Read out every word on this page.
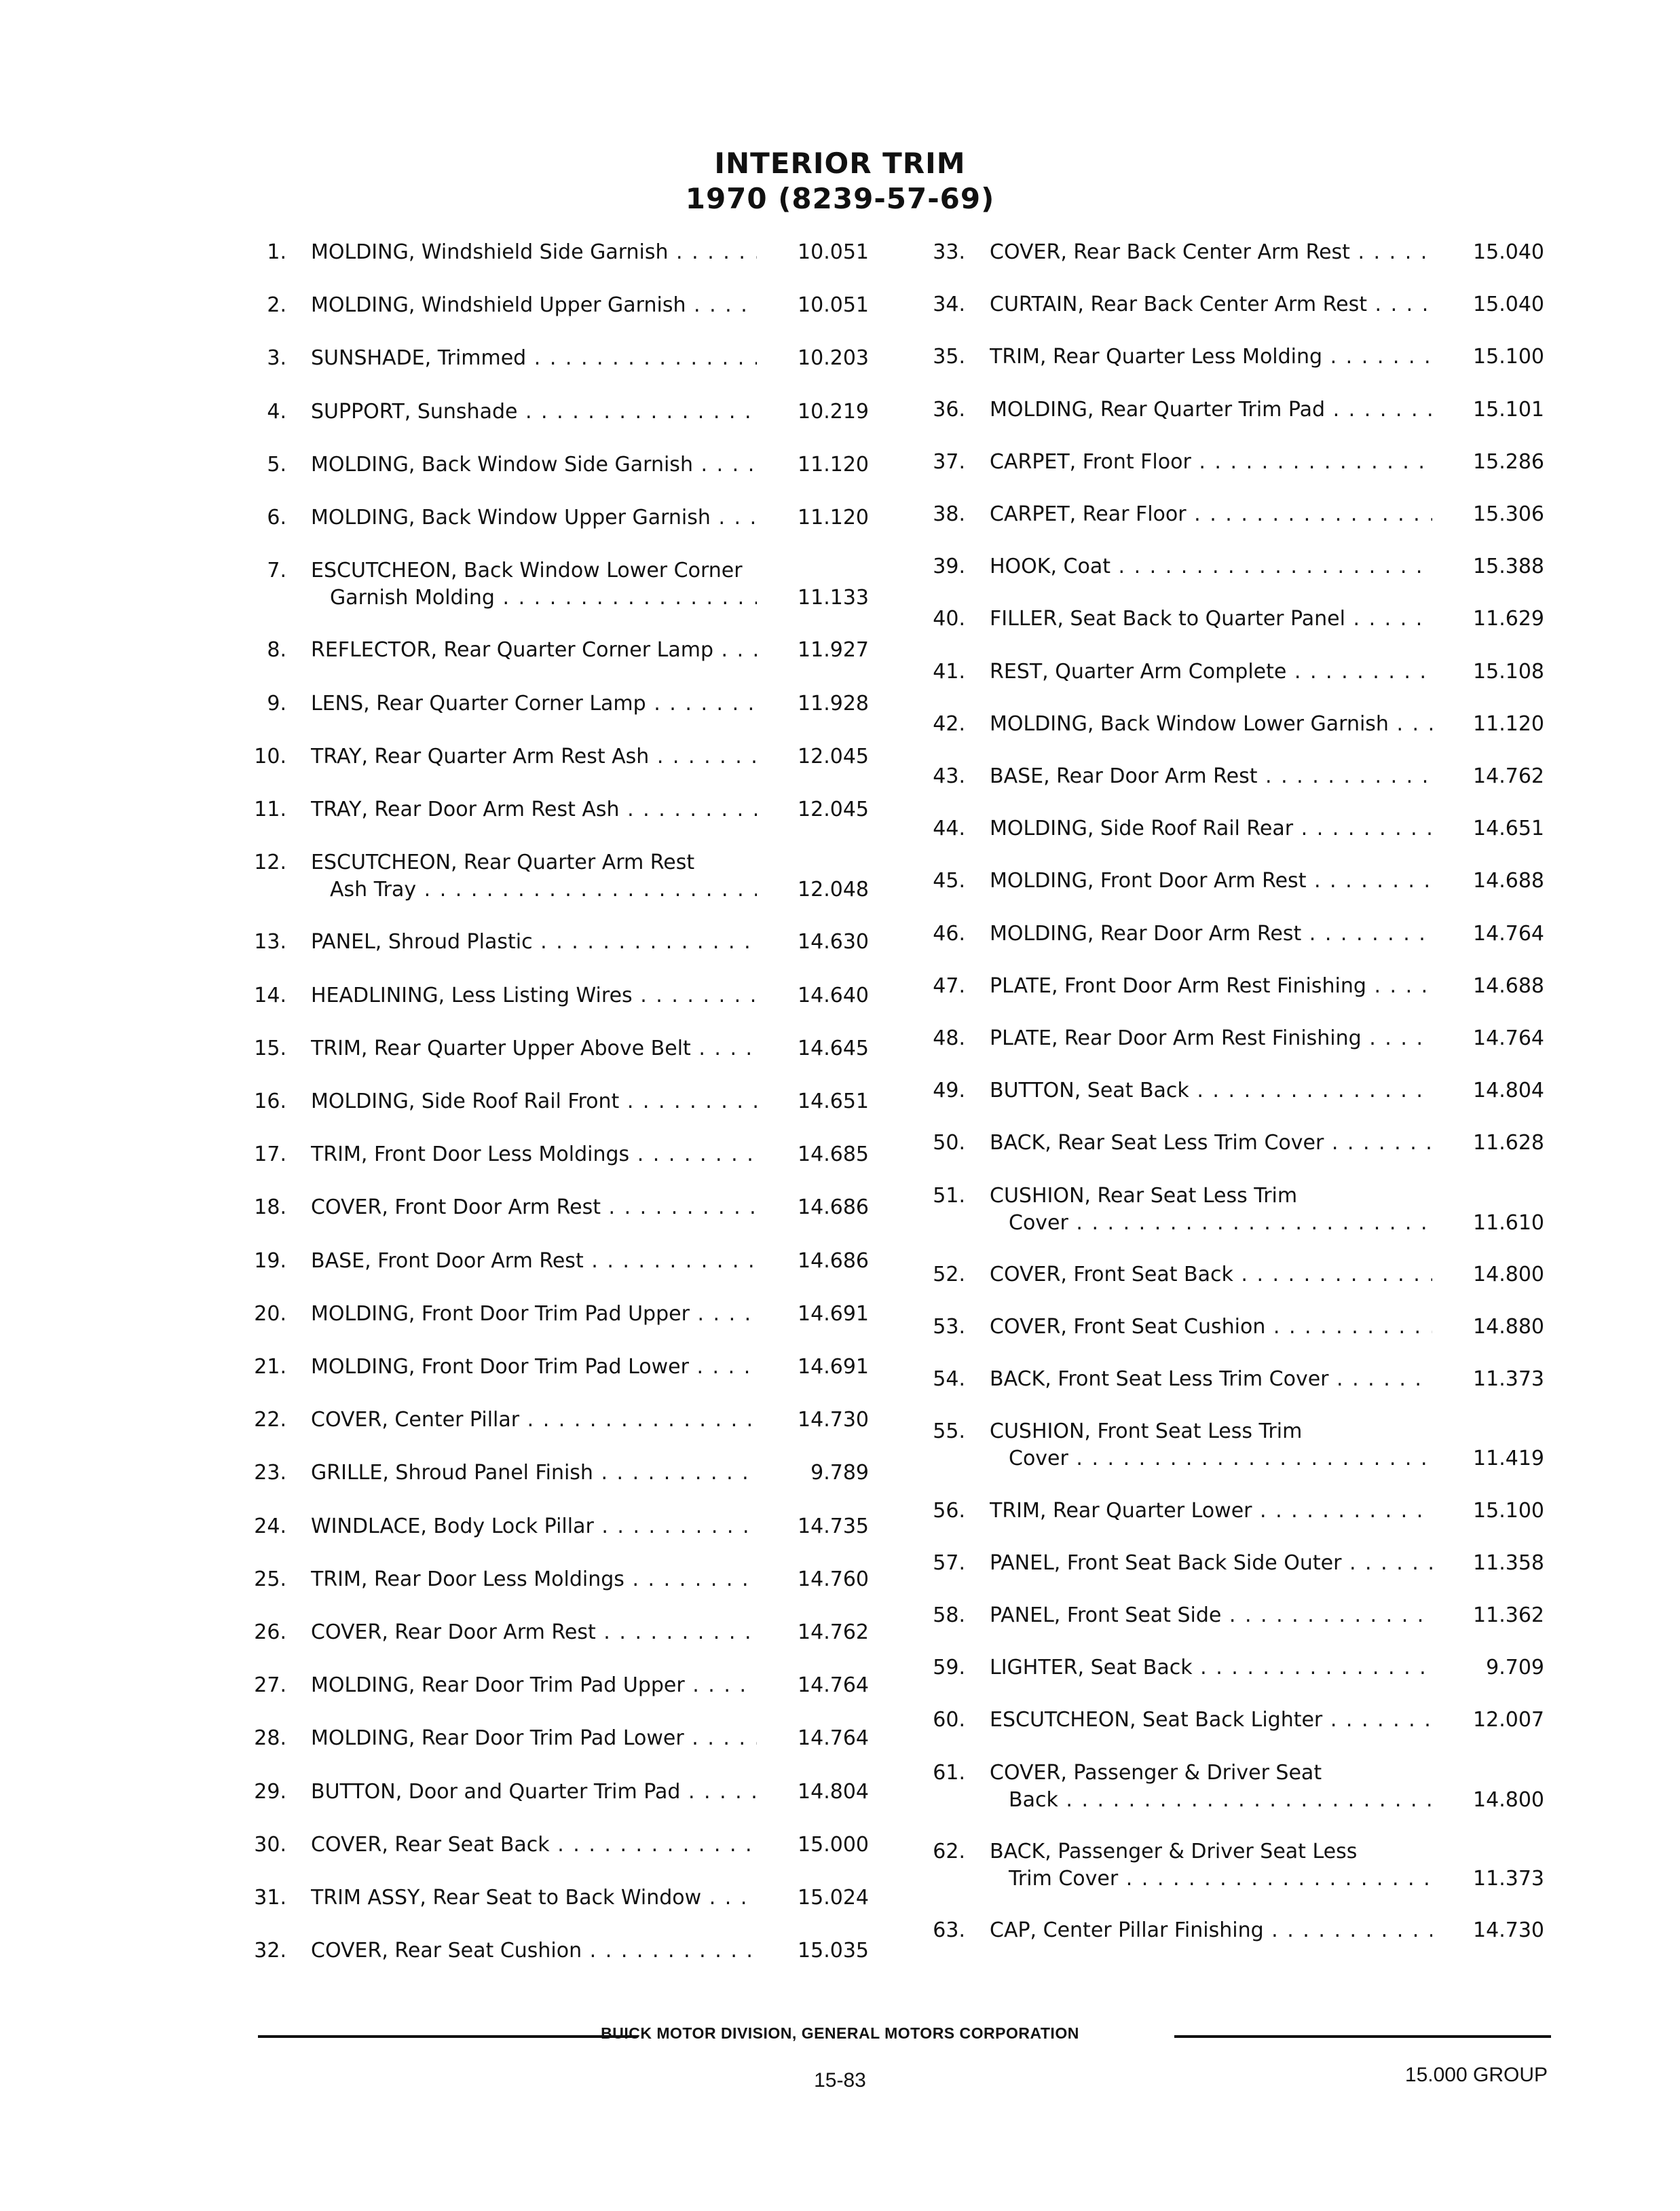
INTERIOR TRIM
1970 (8239-57-69)
1. MOLDING, Windshield Side Garnish . . .	10.051
2. MOLDING, Windshield Upper Garnish . . .	10.051
3. SUNSHADE, Trimmed . . .	10.203
4. SUPPORT, Sunshade . . .	10.219
5. MOLDING, Back Window Side Garnish . . .	11.120
6. MOLDING, Back Window Upper Garnish . . .	11.120
7. ESCUTCHEON, Back Window Lower Corner
Garnish Molding . . .	11.133
8. REFLECTOR, Rear Quarter Corner Lamp . . .	11.927
9. LENS, Rear Quarter Corner Lamp . . .	11.928
10. TRAY, Rear Quarter Arm Rest Ash . . .	12.045
11. TRAY, Rear Door Arm Rest Ash . . .	12.045
12. ESCUTCHEON, Rear Quarter Arm Rest
Ash Tray . . .	12.048
13. PANEL, Shroud Plastic . . .	14.630
14. HEADLINING, Less Listing Wires . . .	14.640
15. TRIM, Rear Quarter Upper Above Belt . . .	14.645
16. MOLDING, Side Roof Rail Front . . .	14.651
17. TRIM, Front Door Less Moldings . . .	14.685
18. COVER, Front Door Arm Rest . . .	14.686
19. BASE, Front Door Arm Rest . . .	14.686
20. MOLDING, Front Door Trim Pad Upper . . .	14.691
21. MOLDING, Front Door Trim Pad Lower . . .	14.691
22. COVER, Center Pillar . . .	14.730
23. GRILLE, Shroud Panel Finish . . .	9.789
24. WINDLACE, Body Lock Pillar . . .	14.735
25. TRIM, Rear Door Less Moldings . . .	14.760
26. COVER, Rear Door Arm Rest . . .	14.762
27. MOLDING, Rear Door Trim Pad Upper . . .	14.764
28. MOLDING, Rear Door Trim Pad Lower . . .	14.764
29. BUTTON, Door and Quarter Trim Pad . . .	14.804
30. COVER, Rear Seat Back . . .	15.000
31. TRIM ASSY, Rear Seat to Back Window . . .	15.024
32. COVER, Rear Seat Cushion . . .	15.035
33. COVER, Rear Back Center Arm Rest . . .	15.040
34. CURTAIN, Rear Back Center Arm Rest . . .	15.040
35. TRIM, Rear Quarter Less Molding . . .	15.100
36. MOLDING, Rear Quarter Trim Pad . . .	15.101
37. CARPET, Front Floor . . .	15.286
38. CARPET, Rear Floor . . .	15.306
39. HOOK, Coat . . .	15.388
40. FILLER, Seat Back to Quarter Panel . . .	11.629
41. REST, Quarter Arm Complete . . .	15.108
42. MOLDING, Back Window Lower Garnish . . .	11.120
43. BASE, Rear Door Arm Rest . . .	14.762
44. MOLDING, Side Roof Rail Rear . . .	14.651
45. MOLDING, Front Door Arm Rest . . .	14.688
46. MOLDING, Rear Door Arm Rest . . .	14.764
47. PLATE, Front Door Arm Rest Finishing . . .	14.688
48. PLATE, Rear Door Arm Rest Finishing . . .	14.764
49. BUTTON, Seat Back . . .	14.804
50. BACK, Rear Seat Less Trim Cover . . .	11.628
51. CUSHION, Rear Seat Less Trim
Cover . . .	11.610
52. COVER, Front Seat Back . . .	14.800
53. COVER, Front Seat Cushion . . .	14.880
54. BACK, Front Seat Less Trim Cover . . .	11.373
55. CUSHION, Front Seat Less Trim
Cover . . .	11.419
56. TRIM, Rear Quarter Lower . . .	15.100
57. PANEL, Front Seat Back Side Outer . . .	11.358
58. PANEL, Front Seat Side . . .	11.362
59. LIGHTER, Seat Back . . .	9.709
60. ESCUTCHEON, Seat Back Lighter . . .	12.007
61. COVER, Passenger & Driver Seat
Back . . .	14.800
62. BACK, Passenger & Driver Seat Less
Trim Cover . . .	11.373
63. CAP, Center Pillar Finishing . . .	14.730
BUICK MOTOR DIVISION, GENERAL MOTORS CORPORATION
15-83	15.000 GROUP
